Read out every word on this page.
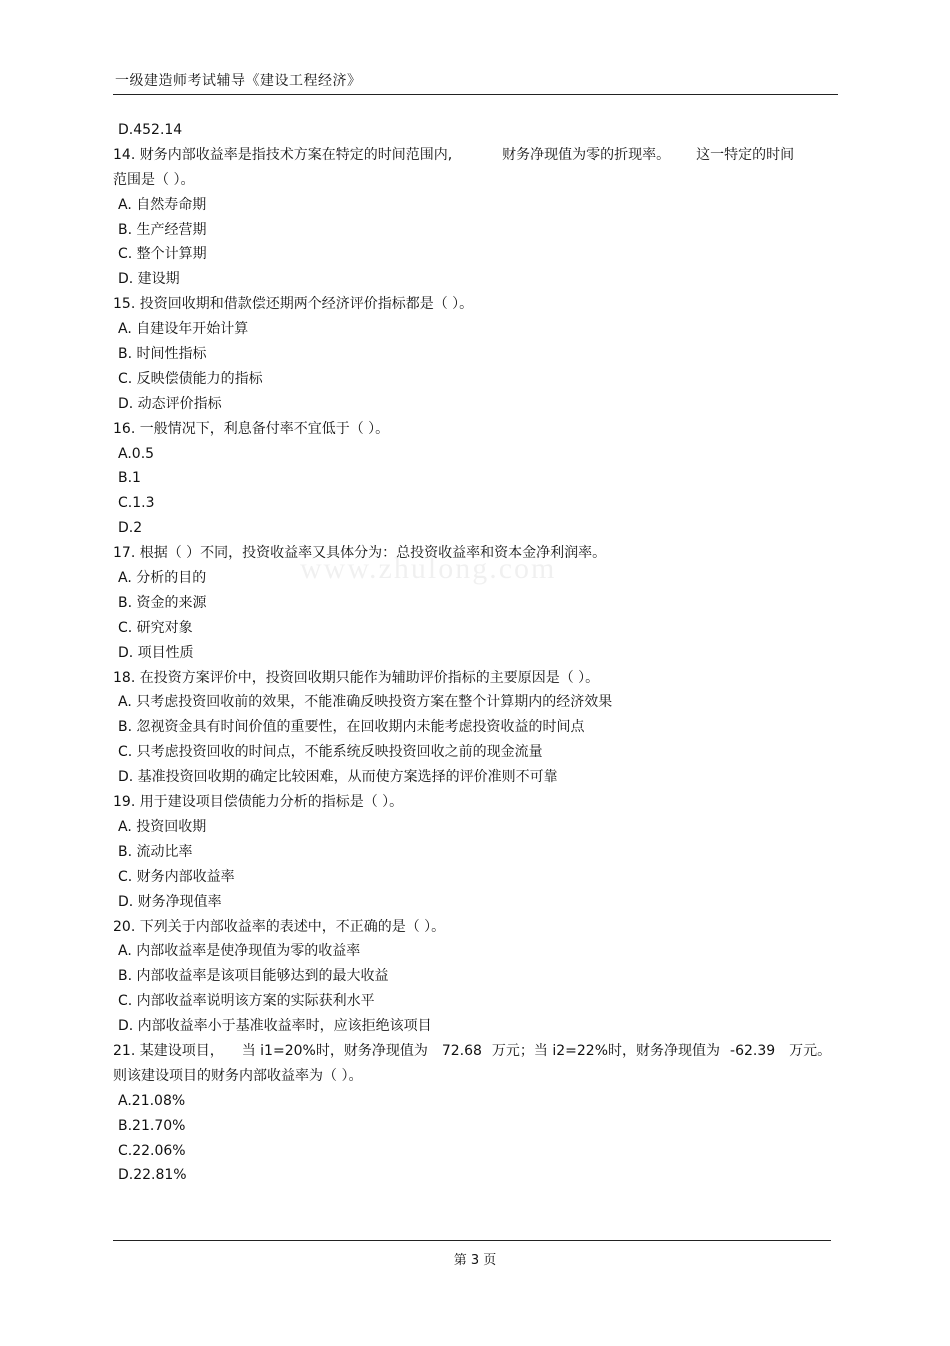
一级建造师考试辅导《建设工程经济》
www.zhulong.com
D.452.14
14. 财务内部收益率是指技术方案在特定的时间范围内,	财务净现值为零的折现率。 这一特定的时间
范围是（ ）。
A. 自然寿命期
B. 生产经营期
C. 整个计算期
D. 建设期
15. 投资回收期和借款偿还期两个经济评价指标都是（ ）。
A. 自建设年开始计算
B. 时间性指标
C. 反映偿债能力的指标
D. 动态评价指标
16. 一般情况下，利息备付率不宜低于（ ）。
A.0.5
B.1
C.1.3
D.2
17. 根据（ ）不同，投资收益率又具体分为：总投资收益率和资本金净利润率。
A. 分析的目的
B. 资金的来源
C. 研究对象
D. 项目性质
18. 在投资方案评价中，投资回收期只能作为辅助评价指标的主要原因是（ ）。
A. 只考虑投资回收前的效果，不能准确反映投资方案在整个计算期内的经济效果
B. 忽视资金具有时间价值的重要性，在回收期内未能考虑投资收益的时间点
C. 只考虑投资回收的时间点，不能系统反映投资回收之前的现金流量
D. 基准投资回收期的确定比较困难，从而使方案选择的评价准则不可靠
19. 用于建设项目偿债能力分析的指标是（ ）。
A. 投资回收期
B. 流动比率
C. 财务内部收益率
D. 财务净现值率
20. 下列关于内部收益率的表述中，不正确的是（ ）。
A. 内部收益率是使净现值为零的收益率
B. 内部收益率是该项目能够达到的最大收益
C. 内部收益率说明该方案的实际获利水平
D. 内部收益率小于基准收益率时，应该拒绝该项目
21. 某建设项目， 当 i1=20%时，财务净现值为 72.68 万元；当 i2=22%时，财务净现值为 -62.39 万元。
则该建设项目的财务内部收益率为（ ）。
A.21.08%
B.21.70%
C.22.06%
D.22.81%
第 3 页
